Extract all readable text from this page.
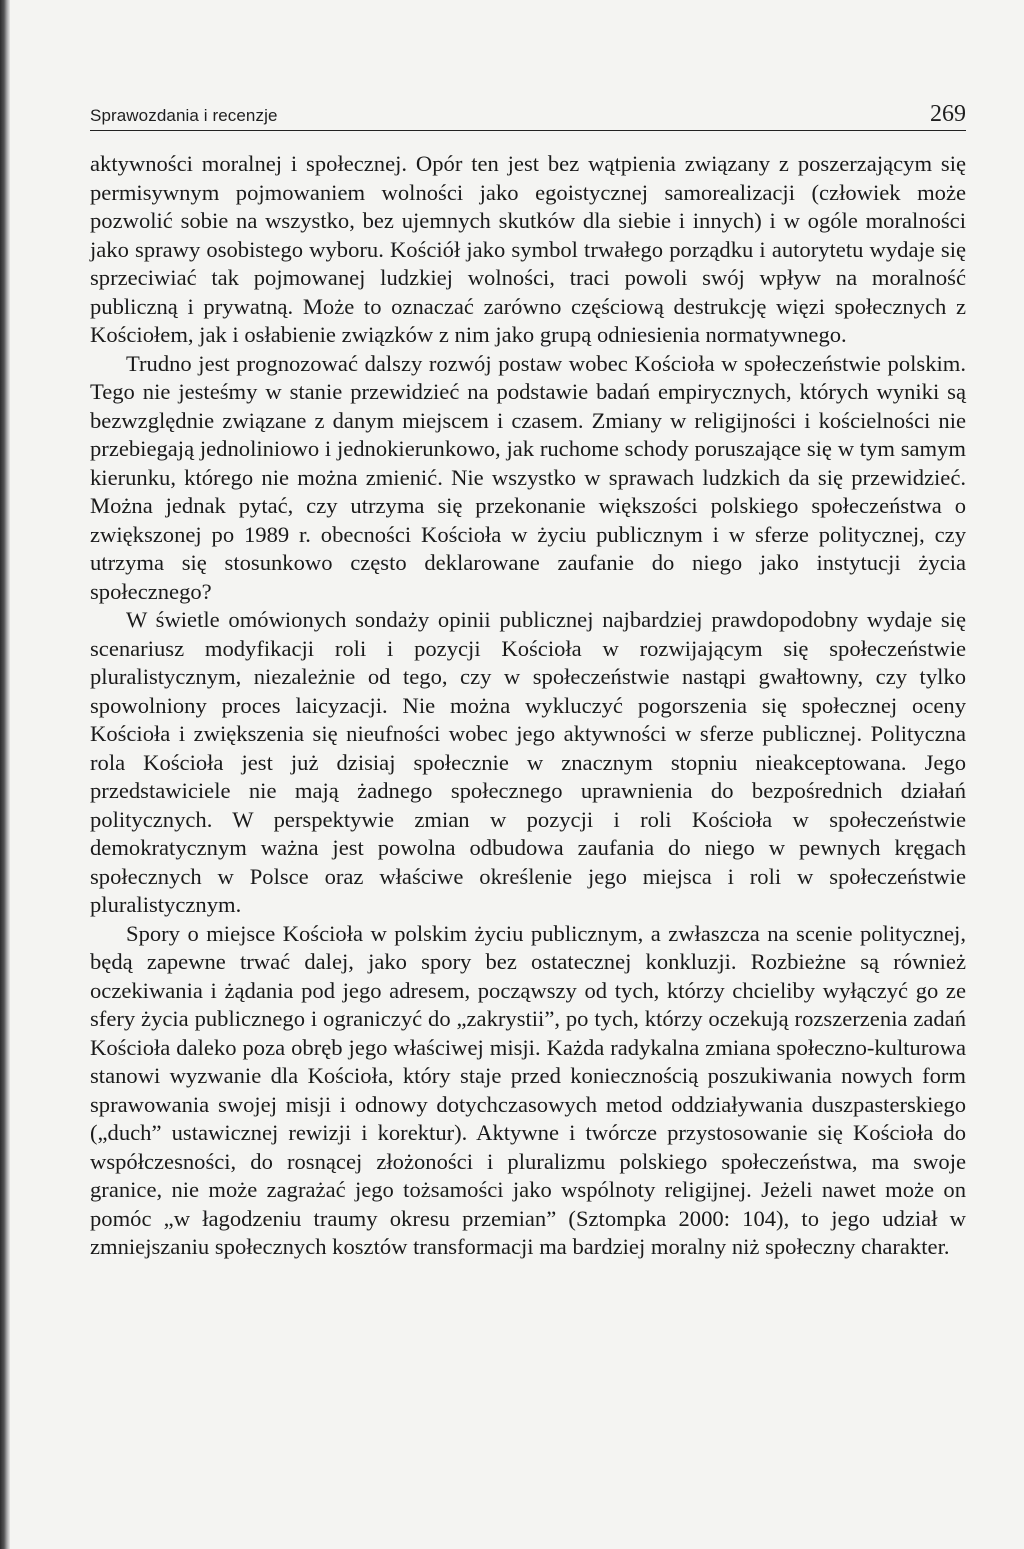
Sprawozdania i recenzje	269

aktywności moralnej i społecznej. Opór ten jest bez wątpienia związany z poszerzającym się permisywnym pojmowaniem wolności jako egoistycznej samorealizacji (człowiek może pozwolić sobie na wszystko, bez ujemnych skutków dla siebie i innych) i w ogóle moralności jako sprawy osobistego wyboru. Kościół jako symbol trwałego porządku i autorytetu wydaje się sprzeciwiać tak pojmowanej ludzkiej wolności, traci powoli swój wpływ na moralność publiczną i prywatną. Może to oznaczać zarówno częściową destrukcję więzi społecznych z Kościołem, jak i osłabienie związków z nim jako grupą odniesienia normatywnego.

Trudno jest prognozować dalszy rozwój postaw wobec Kościoła w społeczeństwie polskim. Tego nie jesteśmy w stanie przewidzieć na podstawie badań empirycznych, których wyniki są bezwzględnie związane z danym miejscem i czasem. Zmiany w religijności i kościelności nie przebiegają jednoliniowo i jednokierunkowo, jak ruchome schody poruszające się w tym samym kierunku, którego nie można zmienić. Nie wszystko w sprawach ludzkich da się przewidzieć. Można jednak pytać, czy utrzyma się przekonanie większości polskiego społeczeństwa o zwiększonej po 1989 r. obecności Kościoła w życiu publicznym i w sferze politycznej, czy utrzyma się stosunkowo często deklarowane zaufanie do niego jako instytucji życia społecznego?

W świetle omówionych sondaży opinii publicznej najbardziej prawdopodobny wydaje się scenariusz modyfikacji roli i pozycji Kościoła w rozwijającym się społeczeństwie pluralistycznym, niezależnie od tego, czy w społeczeństwie nastąpi gwałtowny, czy tylko spowolniony proces laicyzacji. Nie można wykluczyć pogorszenia się społecznej oceny Kościoła i zwiększenia się nieufności wobec jego aktywności w sferze publicznej. Polityczna rola Kościoła jest już dzisiaj społecznie w znacznym stopniu nieakceptowana. Jego przedstawiciele nie mają żadnego społecznego uprawnienia do bezpośrednich działań politycznych. W perspektywie zmian w pozycji i roli Kościoła w społeczeństwie demokratycznym ważna jest powolna odbudowa zaufania do niego w pewnych kręgach społecznych w Polsce oraz właściwe określenie jego miejsca i roli w społeczeństwie pluralistycznym.

Spory o miejsce Kościoła w polskim życiu publicznym, a zwłaszcza na scenie politycznej, będą zapewne trwać dalej, jako spory bez ostatecznej konkluzji. Rozbieżne są również oczekiwania i żądania pod jego adresem, począwszy od tych, którzy chcieliby wyłączyć go ze sfery życia publicznego i ograniczyć do „zakrystii”, po tych, którzy oczekują rozszerzenia zadań Kościoła daleko poza obręb jego właściwej misji. Każda radykalna zmiana społeczno-kulturowa stanowi wyzwanie dla Kościoła, który staje przed koniecznością poszukiwania nowych form sprawowania swojej misji i odnowy dotychczasowych metod oddziaływania duszpasterskiego („duch” ustawicznej rewizji i korektur). Aktywne i twórcze przystosowanie się Kościoła do współczesności, do rosnącej złożoności i pluralizmu polskiego społeczeństwa, ma swoje granice, nie może zagrażać jego tożsamości jako wspólnoty religijnej. Jeżeli nawet może on pomóc „w łagodzeniu traumy okresu przemian” (Sztompka 2000: 104), to jego udział w zmniejszaniu społecznych kosztów transformacji ma bardziej moralny niż społeczny charakter.
